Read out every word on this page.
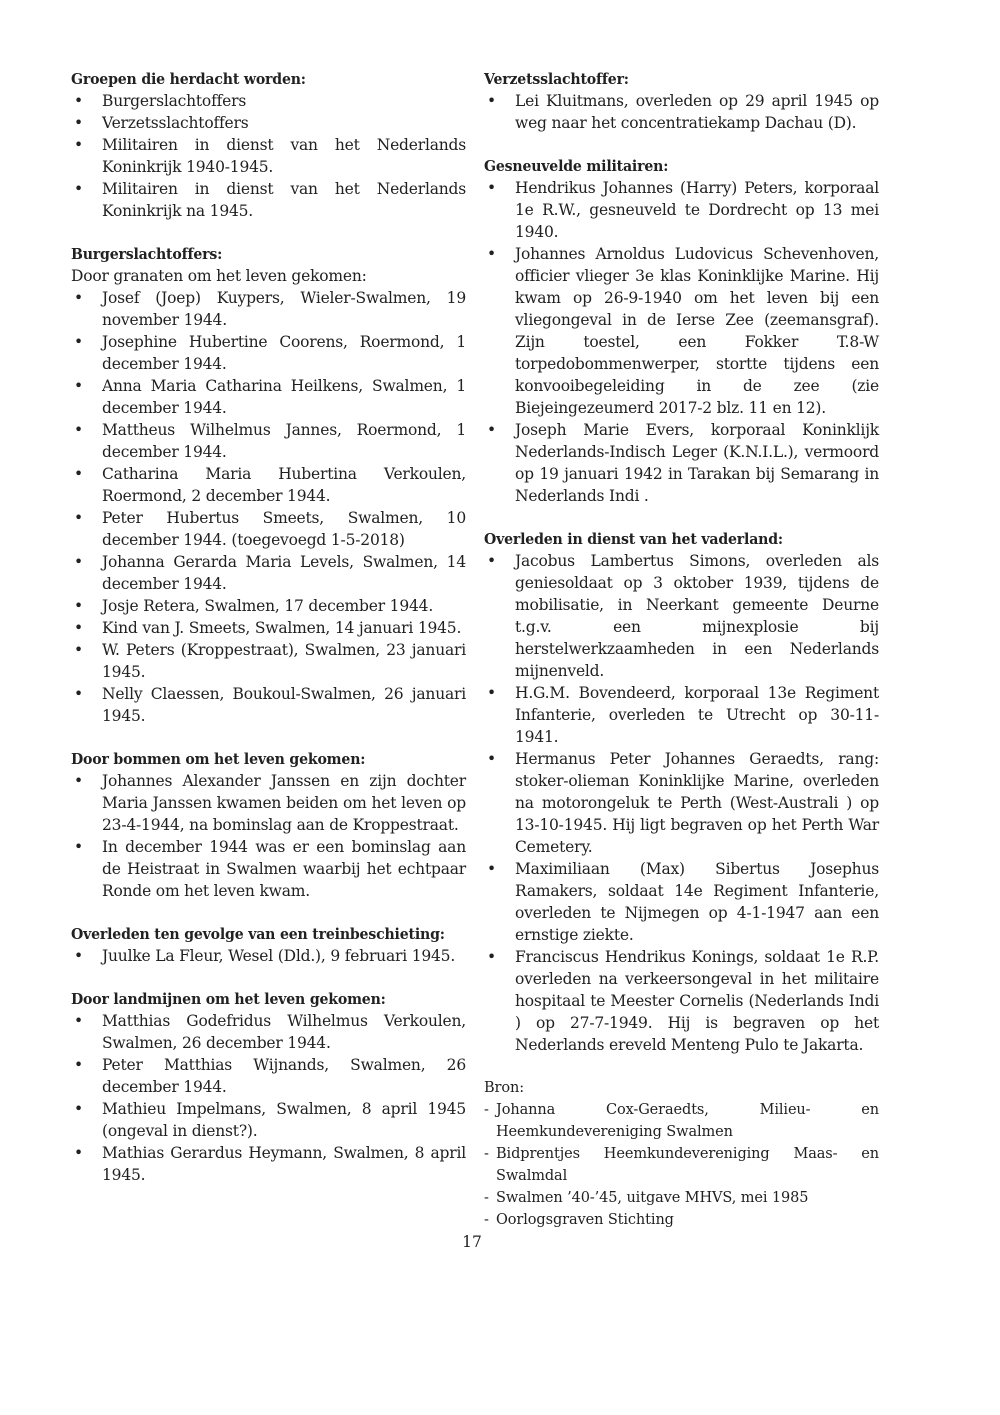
Groepen die herdacht worden:
• Burgerslachtoffers
• Verzetsslachtoffers
• Militairen in dienst van het Nederlands Koninkrijk 1940-1945.
• Militairen in dienst van het Nederlands Koninkrijk na 1945.
Burgerslachtoffers:

Door granaten om het leven gekomen:

• Josef (Joep) Kuypers, Wieler-Swalmen, 19 november 1944.
• Josephine Hubertine Coorens, Roermond, 1 december 1944.
• Anna Maria Catharina Heilkens, Swalmen, 1 december 1944.
• Mattheus Wilhelmus Jannes, Roermond, 1 december 1944.
• Catharina Maria Hubertina Verkoulen, Roermond, 2 december 1944.
• Peter Hubertus Smeets, Swalmen, 10 december 1944. (toegevoegd 1-5-2018)
• Johanna Gerarda Maria Levels, Swalmen, 14 december 1944.
• Josje Retera, Swalmen, 17 december 1944.
• Kind van J. Smeets, Swalmen, 14 januari 1945.
• W. Peters (Kroppestraat), Swalmen, 23 januari 1945.
• Nelly Claessen, Boukoul-Swalmen, 26 januari 1945.
Door bommen om het leven gekomen:
• Johannes Alexander Janssen en zijn dochter Maria Janssen kwamen beiden om het leven op 23-4-1944, na bominslag aan de Kroppestraat.
• In december 1944 was er een bominslag aan de Heistraat in Swalmen waarbij het echtpaar Ronde om het leven kwam.
Overleden ten gevolge van een treinbeschieting:
• Juulke La Fleur, Wesel (Dld.), 9 februari 1945.
Door landmijnen om het leven gekomen:
• Matthias Godefridus Wilhelmus Verkoulen, Swalmen, 26 december 1944.
• Peter Matthias Wijnands, Swalmen, 26 december 1944.
• Mathieu Impelmans, Swalmen, 8 april 1945 (ongeval in dienst?).
• Mathias Gerardus Heymann, Swalmen, 8 april 1945.
Verzetsslachtoffer:
• Lei Kluitmans, overleden op 29 april 1945 op weg naar het concentratiekamp Dachau (D).
Gesneuvelde militairen:
• Hendrikus Johannes (Harry) Peters, korporaal 1e R.W., gesneuveld te Dordrecht op 13 mei 1940.
• Johannes Arnoldus Ludovicus Schevenhoven, officier vlieger 3e klas Koninklijke Marine. Hij kwam op 26-9-1940 om het leven bij een vliegongeval in de Ierse Zee (zeemansgraf). Zijn toestel, een Fokker T.8-W torpedobommenwerper, stortte tijdens een konvooibegeleiding in de zee (zie Biejeingezeumerd 2017-2 blz. 11 en 12).
• Joseph Marie Evers, korporaal Koninklijk Nederlands-Indisch Leger (K.N.I.L.), vermoord op 19 januari 1942 in Tarakan bij Semarang in Nederlands Indi .
Overleden in dienst van het vaderland:
• Jacobus Lambertus Simons, overleden als geniesoldaat op 3 oktober 1939, tijdens de mobilisatie, in Neerkant gemeente Deurne t.g.v. een mijnexplosie bij herstelwerkzaamheden in een Nederlands mijnenveld.
• H.G.M. Bovendeerd, korporaal 13e Regiment Infanterie, overleden te Utrecht op 30-11-1941.
• Hermanus Peter Johannes Geraedts, rang: stoker-olieman Koninklijke Marine, overleden na motorongeluk te Perth (West-Australi ) op 13-10-1945. Hij ligt begraven op het Perth War Cemetery.
• Maximiliaan (Max) Sibertus Josephus Ramakers, soldaat 14e Regiment Infanterie, overleden te Nijmegen op 4-1-1947 aan een ernstige ziekte.
• Franciscus Hendrikus Konings, soldaat 1e R.P. overleden na verkeersongeval in het militaire hospitaal te Meester Cornelis (Nederlands Indi ) op 27-7-1949. Hij is begraven op het Nederlands ereveld Menteng Pulo te Jakarta.
Bron:
- Johanna Cox-Geraedts, Milieu- en Heemkundevereniging Swalmen
- Bidprentjes Heemkundevereniging Maas- en Swalmdal
- Swalmen ’40-’45, uitgave MHVS, mei 1985
- Oorlogsgraven Stichting
17
